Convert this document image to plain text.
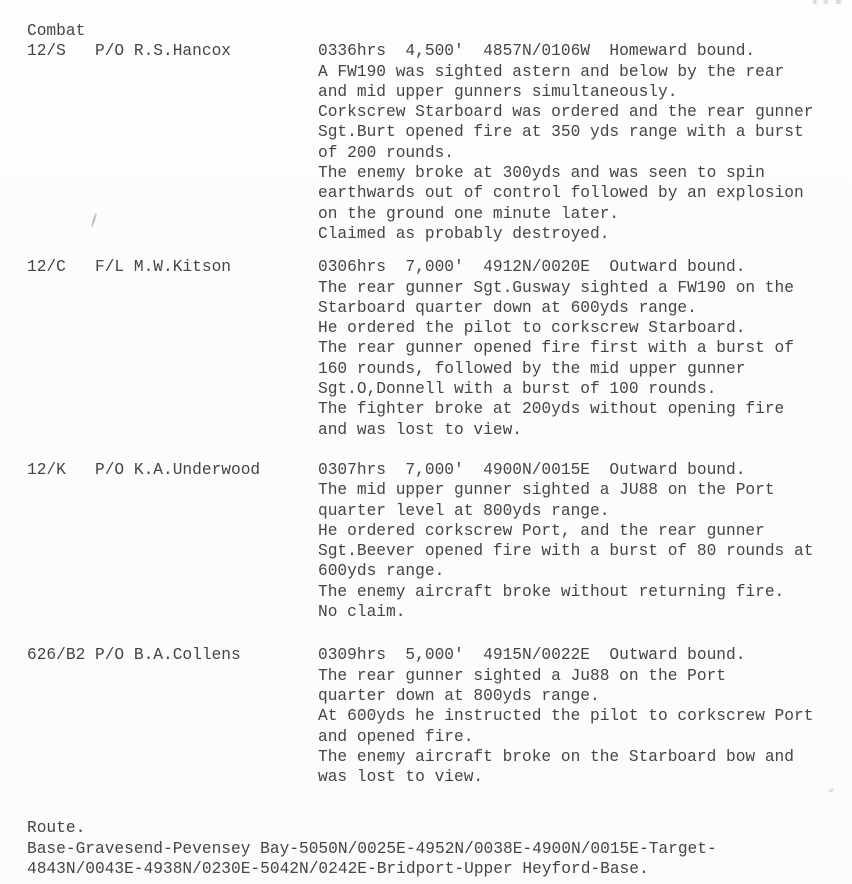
Combat
12/S P/O R.S.Hancox	0336hrs  4,500'  4857N/0106W  Homeward bound.
A FW190 was sighted astern and below by the rear
and mid upper gunners simultaneously.
Corkscrew Starboard was ordered and the rear gunner
Sgt.Burt opened fire at 350 yds range with a burst
of 200 rounds.
The enemy broke at 300yds and was seen to spin
earthwards out of control followed by an explosion
on the ground one minute later.
Claimed as probably destroyed.
12/C F/L M.W.Kitson	0306hrs  7,000'  4912N/0020E  Outward bound.
The rear gunner Sgt.Gusway sighted a FW190 on the
Starboard quarter down at 600yds range.
He ordered the pilot to corkscrew Starboard.
The rear gunner opened fire first with a burst of
160 rounds, followed by the mid upper gunner
Sgt.O,Donnell with a burst of 100 rounds.
The fighter broke at 200yds without opening fire
and was lost to view.
12/K P/O K.A.Underwood	0307hrs  7,000'  4900N/0015E  Outward bound.
The mid upper gunner sighted a JU88 on the Port
quarter level at 800yds range.
He ordered corkscrew Port, and the rear gunner
Sgt.Beever opened fire with a burst of 80 rounds at
600yds range.
The enemy aircraft broke without returning fire.
No claim.
626/B2 P/O B.A.Collens	0309hrs  5,000'  4915N/0022E  Outward bound.
The rear gunner sighted a Ju88 on the Port
quarter down at 800yds range.
At 600yds he instructed the pilot to corkscrew Port
and opened fire.
The enemy aircraft broke on the Starboard bow and
was lost to view.
Route.
Base-Gravesend-Pevensey Bay-5050N/0025E-4952N/0038E-4900N/0015E-Target-
4843N/0043E-4938N/0230E-5042N/0242E-Bridport-Upper Heyford-Base.
